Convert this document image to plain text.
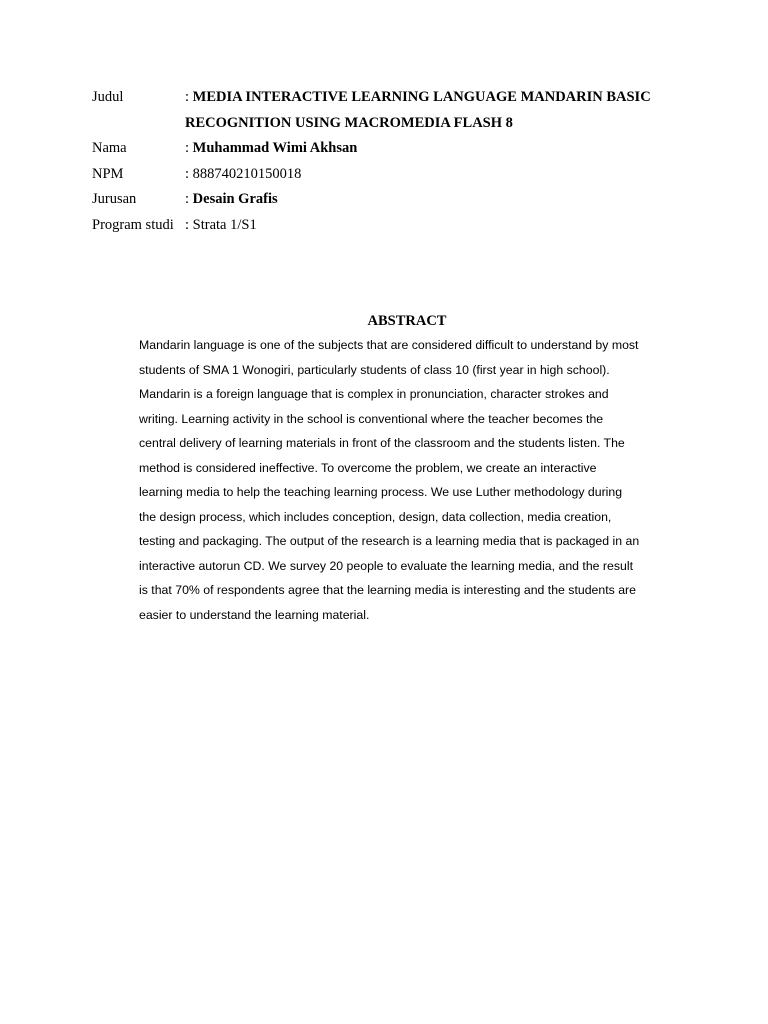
Judul	: MEDIA INTERACTIVE LEARNING LANGUAGE MANDARIN BASIC
RECOGNITION USING MACROMEDIA FLASH 8
Nama	: Muhammad Wimi Akhsan
NPM	: 888740210150018
Jurusan	: Desain Grafis
Program studi : Strata 1/S1
ABSTRACT
Mandarin language is one of the subjects that are considered difficult to understand by most
students of SMA 1 Wonogiri, particularly students of class 10 (first year in high school).
Mandarin is a foreign language that is complex in pronunciation, character strokes and
writing. Learning activity in the school is conventional where the teacher becomes the
central delivery of learning materials in front of the classroom and the students listen. The
method is considered ineffective. To overcome the problem, we create an interactive
learning media to help the teaching learning process. We use Luther methodology during
the design process, which includes conception, design, data collection, media creation,
testing and packaging. The output of the research is a learning media that is packaged in an
interactive autorun CD. We survey 20 people to evaluate the learning media, and the result
is that 70% of respondents agree that the learning media is interesting and the students are
easier to understand the learning material.
